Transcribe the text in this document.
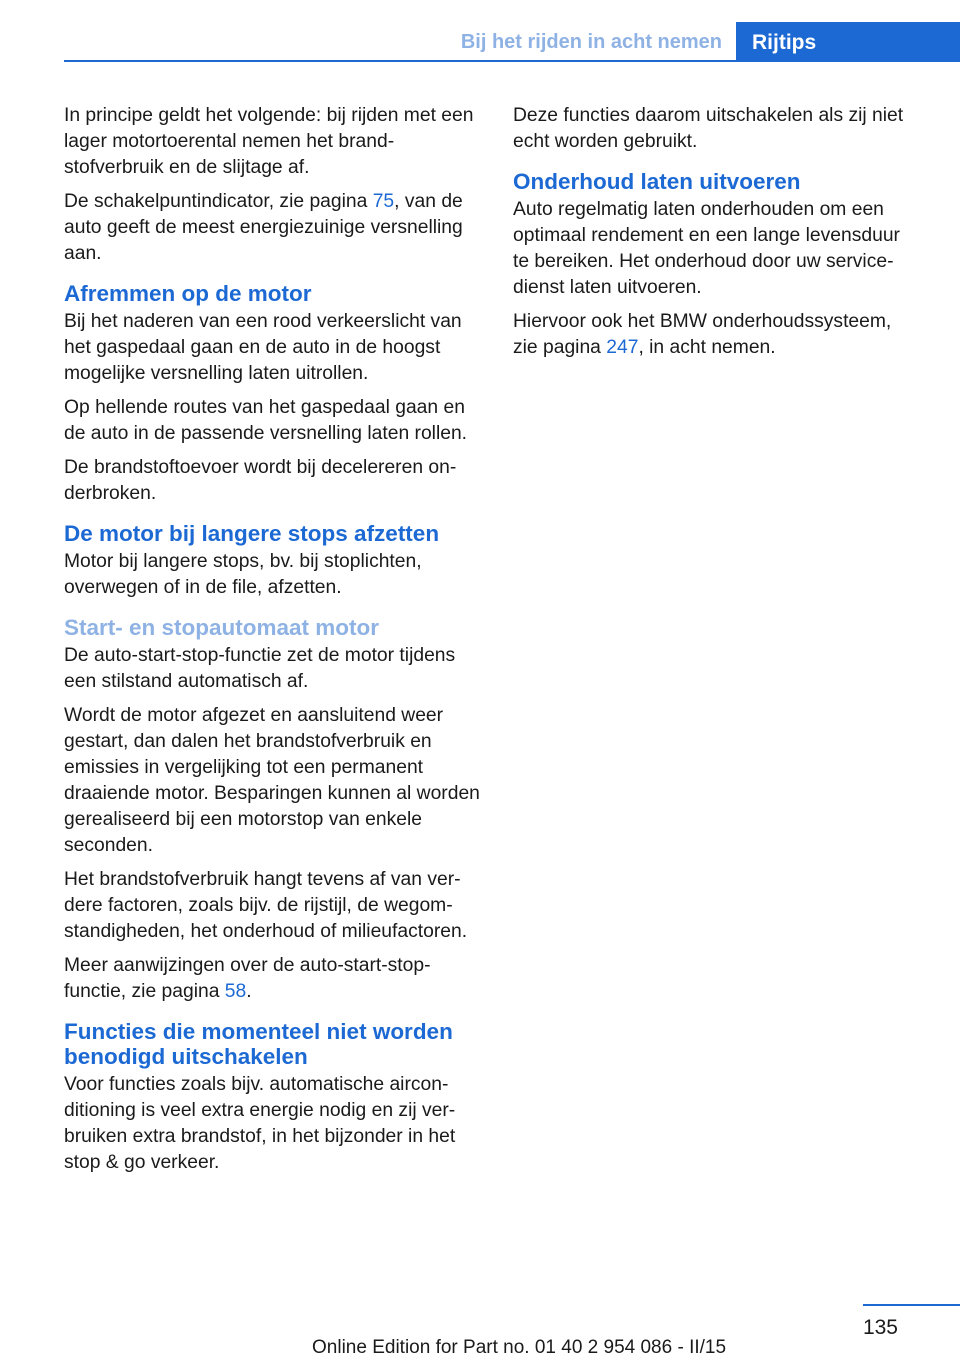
Bij het rijden in acht nemen	Rijtips

In principe geldt het volgende: bij rijden met een lager motortoerental nemen het brandstofverbruik en de slijtage af.

De schakelpuntindicator, zie pagina 75, van de auto geeft de meest energiezuinige versnelling aan.

Afremmen op de motor

Bij het naderen van een rood verkeerslicht van het gaspedaal gaan en de auto in de hoogst mogelijke versnelling laten uitrollen.

Op hellende routes van het gaspedaal gaan en de auto in de passende versnelling laten rollen.

De brandstoftoevoer wordt bij decelereren onderbroken.

De motor bij langere stops afzetten

Motor bij langere stops, bv. bij stoplichten, overwegen of in de file, afzetten.

Start- en stopautomaat motor

De auto-start-stop-functie zet de motor tijdens een stilstand automatisch af.

Wordt de motor afgezet en aansluitend weer gestart, dan dalen het brandstofverbruik en emissies in vergelijking tot een permanent draaiende motor. Besparingen kunnen al worden gerealiseerd bij een motorstop van enkele seconden.

Het brandstofverbruik hangt tevens af van verdere factoren, zoals bijv. de rijstijl, de wegomstandigheden, het onderhoud of milieufactoren.

Meer aanwijzingen over de auto-start-stop-functie, zie pagina 58.

Functies die momenteel niet worden benodigd uitschakelen

Voor functies zoals bijv. automatische airconditioning is veel extra energie nodig en zij verbruiken extra brandstof, in het bijzonder in het stop & go verkeer.

Deze functies daarom uitschakelen als zij niet echt worden gebruikt.

Onderhoud laten uitvoeren

Auto regelmatig laten onderhouden om een optimaal rendement en een lange levensduur te bereiken. Het onderhoud door uw servicedienst laten uitvoeren.

Hiervoor ook het BMW onderhoudssysteem, zie pagina 247, in acht nemen.

135
Online Edition for Part no. 01 40 2 954 086 - II/15
